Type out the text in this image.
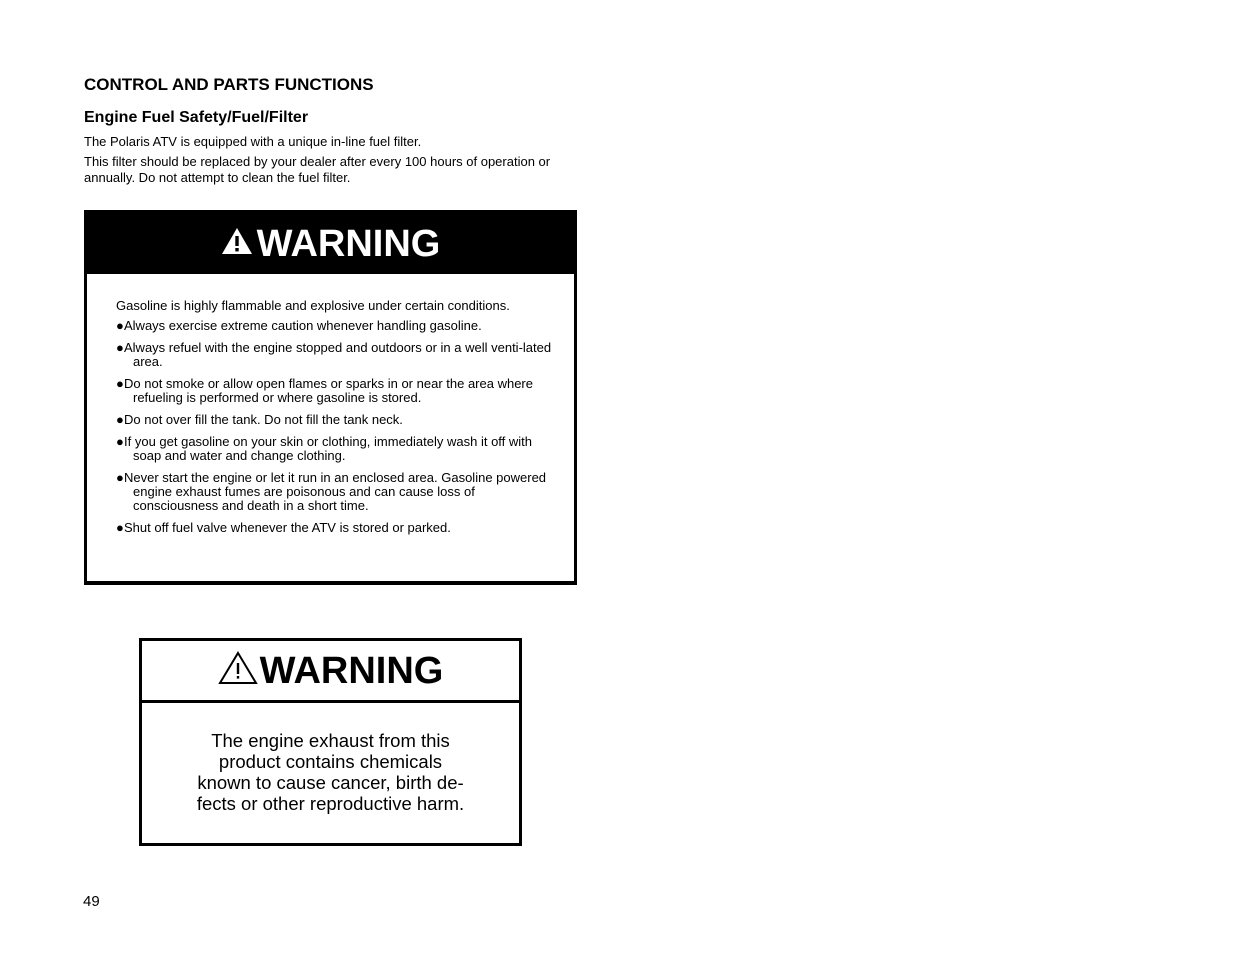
CONTROL AND PARTS FUNCTIONS
Engine Fuel Safety/Fuel/Filter

The Polaris ATV is equipped with a unique in-line fuel filter.

This filter should be replaced by your dealer after every 100 hours of operation or annually. Do not attempt to clean the fuel filter.

WARNING

Gasoline is highly flammable and explosive under certain conditions.

●Always exercise extreme caution whenever handling gasoline.
●Always refuel with the engine stopped and outdoors or in a well venti-lated area.
●Do not smoke or allow open flames or sparks in or near the area where refueling is performed or where gasoline is stored.
●Do not over fill the tank. Do not fill the tank neck.
●If you get gasoline on your skin or clothing, immediately wash it off with soap and water and change clothing.
●Never start the engine or let it run in an enclosed area. Gasoline powered engine exhaust fumes are poisonous and can cause loss of consciousness and death in a short time.
●Shut off fuel valve whenever the ATV is stored or parked.
WARNING
The engine exhaust from this
product contains chemicals
known to cause cancer, birth de-
fects or other reproductive harm.

49
